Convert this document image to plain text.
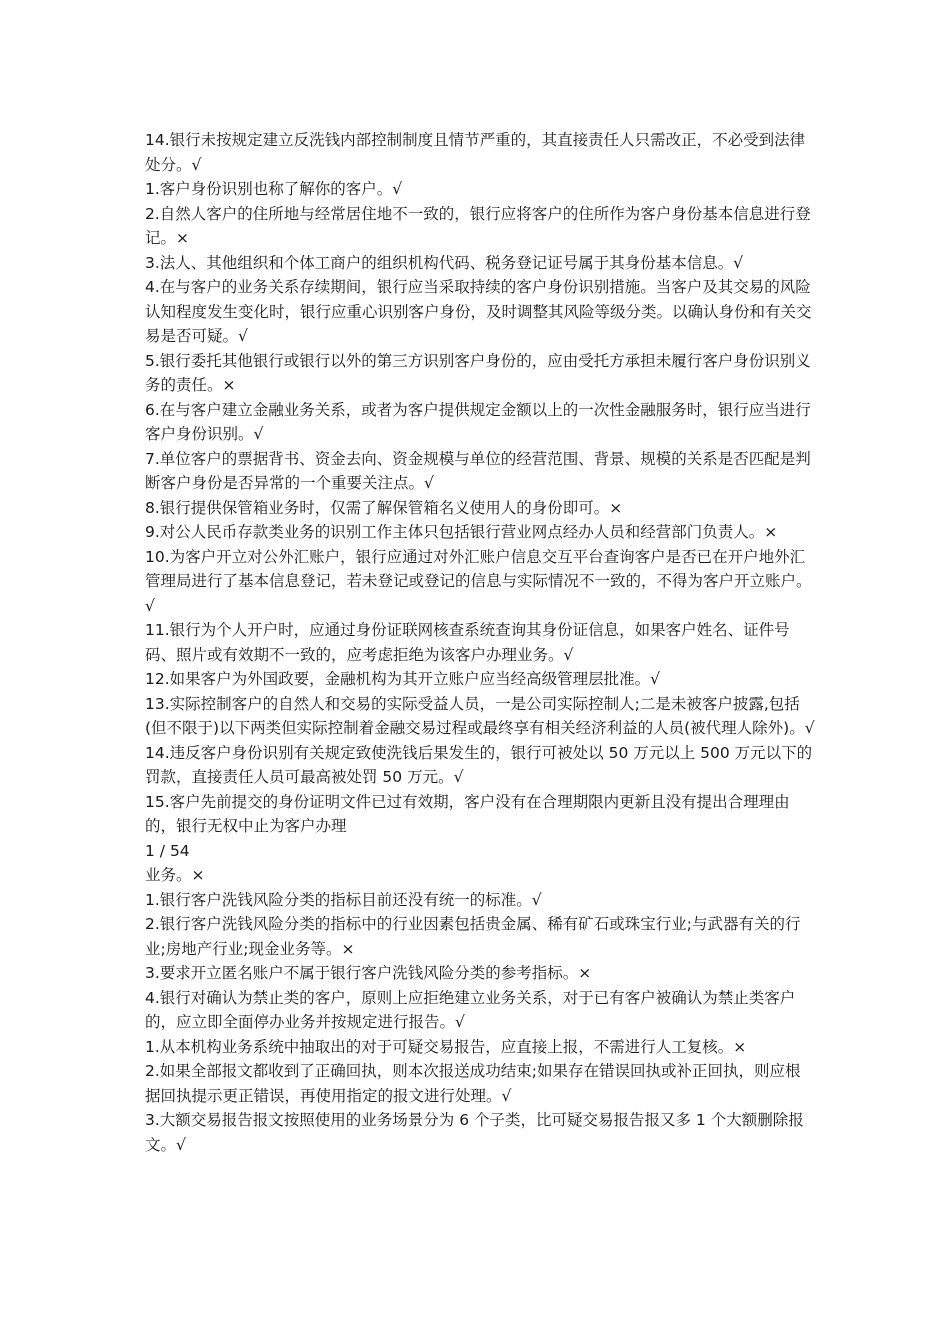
14.银行未按规定建立反洗钱内部控制制度且情节严重的，其直接责任人只需改正，不必受到法律处分。√

1.客户身份识别也称了解你的客户。√

2.自然人客户的住所地与经常居住地不一致的，银行应将客户的住所作为客户身份基本信息进行登记。×

3.法人、其他组织和个体工商户的组织机构代码、税务登记证号属于其身份基本信息。√

4.在与客户的业务关系存续期间，银行应当采取持续的客户身份识别措施。当客户及其交易的风险认知程度发生变化时，银行应重心识别客户身份，及时调整其风险等级分类。以确认身份和有关交易是否可疑。√

5.银行委托其他银行或银行以外的第三方识别客户身份的，应由受托方承担未履行客户身份识别义务的责任。×

6.在与客户建立金融业务关系，或者为客户提供规定金额以上的一次性金融服务时，银行应当进行客户身份识别。√

7.单位客户的票据背书、资金去向、资金规模与单位的经营范围、背景、规模的关系是否匹配是判断客户身份是否异常的一个重要关注点。√

8.银行提供保管箱业务时，仅需了解保管箱名义使用人的身份即可。×

9.对公人民币存款类业务的识别工作主体只包括银行营业网点经办人员和经营部门负责人。×

10.为客户开立对公外汇账户，银行应通过对外汇账户信息交互平台查询客户是否已在开户地外汇管理局进行了基本信息登记，若未登记或登记的信息与实际情况不一致的，不得为客户开立账户。√

11.银行为个人开户时，应通过身份证联网核查系统查询其身份证信息，如果客户姓名、证件号码、照片或有效期不一致的，应考虑拒绝为该客户办理业务。√

12.如果客户为外国政要，金融机构为其开立账户应当经高级管理层批准。√

13.实际控制客户的自然人和交易的实际受益人员，一是公司实际控制人;二是未被客户披露,包括(但不限于)以下两类但实际控制着金融交易过程或最终享有相关经济利益的人员(被代理人除外)。√

14.违反客户身份识别有关规定致使洗钱后果发生的，银行可被处以 50 万元以上 500 万元以下的罚款，直接责任人员可最高被处罚 50 万元。√

15.客户先前提交的身份证明文件已过有效期，客户没有在合理期限内更新且没有提出合理理由的，银行无权中止为客户办理

1 / 54

业务。×

1.银行客户洗钱风险分类的指标目前还没有统一的标准。√

2.银行客户洗钱风险分类的指标中的行业因素包括贵金属、稀有矿石或珠宝行业;与武器有关的行业;房地产行业;现金业务等。×

3.要求开立匿名账户不属于银行客户洗钱风险分类的参考指标。×

4.银行对确认为禁止类的客户，原则上应拒绝建立业务关系，对于已有客户被确认为禁止类客户的，应立即全面停办业务并按规定进行报告。√

1.从本机构业务系统中抽取出的对于可疑交易报告，应直接上报，不需进行人工复核。×

2.如果全部报文都收到了正确回执，则本次报送成功结束;如果存在错误回执或补正回执，则应根据回执提示更正错误，再使用指定的报文进行处理。√

3.大额交易报告报文按照使用的业务场景分为 6 个子类，比可疑交易报告报又多 1 个大额删除报文。√
